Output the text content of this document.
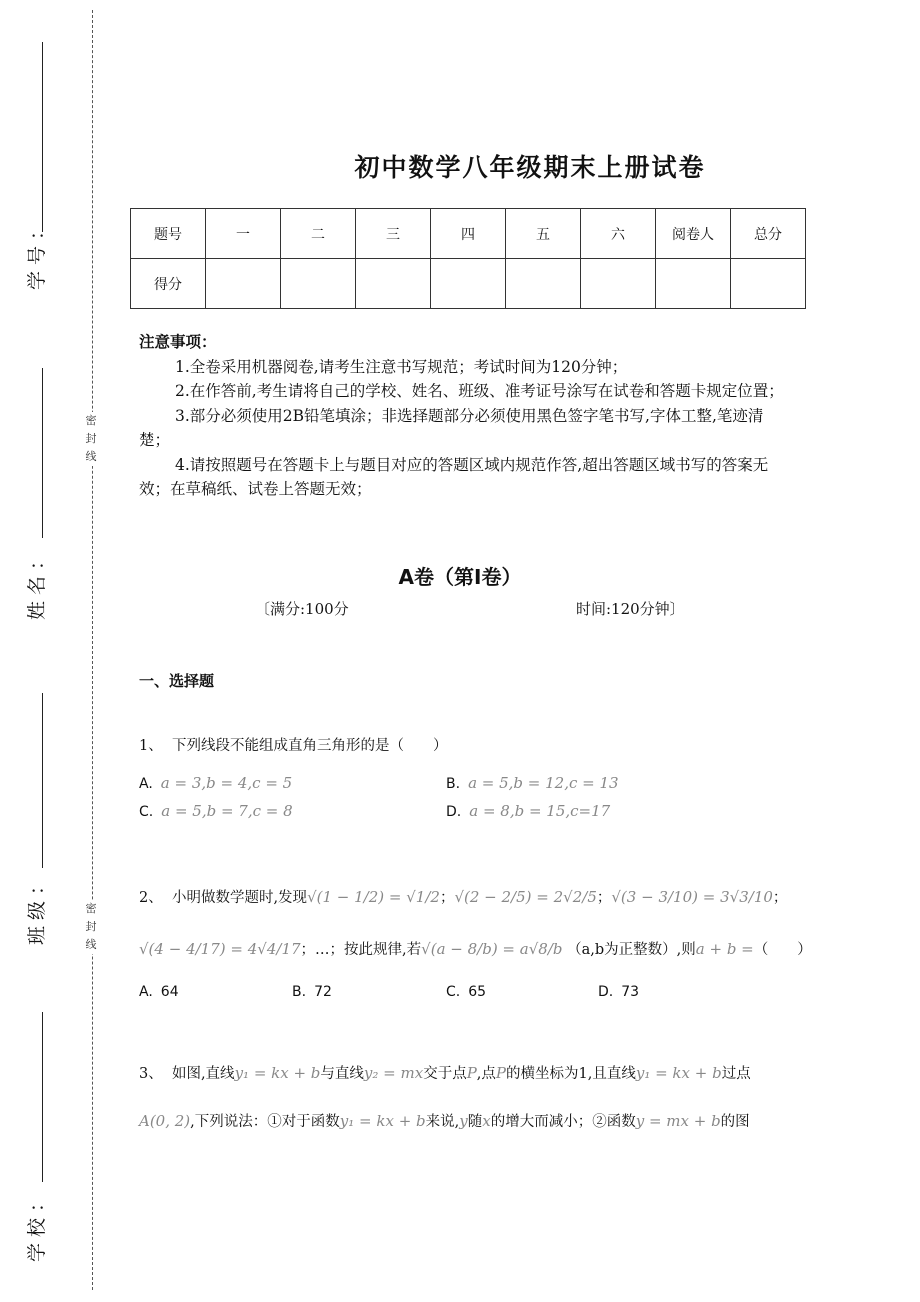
学号：
姓名：
班级：
学校：
密封线
密封线
初中数学八年级期末上册试卷
题号	一	二	三	四	五	六	阅卷人	总分
得分								
注意事项：
1.全卷采用机器阅卷,请考生注意书写规范；考试时间为120分钟；
2.在作答前,考生请将自己的学校、姓名、班级、准考证号涂写在试卷和答题卡规定位置；
3.部分必须使用2B铅笔填涂；非选择题部分必须使用黑色签字笔书写,字体工整,笔迹清楚；
4.请按照题号在答题卡上与题目对应的答题区域内规范作答,超出答题区域书写的答案无效；在草稿纸、试卷上答题无效；
A卷（第I卷）
〔满分:100分	时间:120分钟〕
一、选择题
1、 下列线段不能组成直角三角形的是（　　）
A. a = 3,b = 4,c = 5	B. a = 5,b = 12,c = 13
C. a = 5,b = 7,c = 8	D. a = 8,b = 15,c=17
2、 小明做数学题时,发现√(1 − 1/2) = √1/2；√(2 − 2/5) = 2√2/5；√(3 − 3/10) = 3√3/10；
√(4 − 4/17) = 4√4/17；…；按此规律,若√(a − 8/b) = a√8/b （a,b为正整数）,则a + b =（　　）
A. 64	B. 72	C. 65	D. 73
3、 如图,直线y₁ = kx + b与直线y₂ = mx交于点P,点P的横坐标为1,且直线y₁ = kx + b过点
A(0, 2),下列说法：①对于函数y₁ = kx + b来说,y随x的增大而减小；②函数y = mx + b的图
